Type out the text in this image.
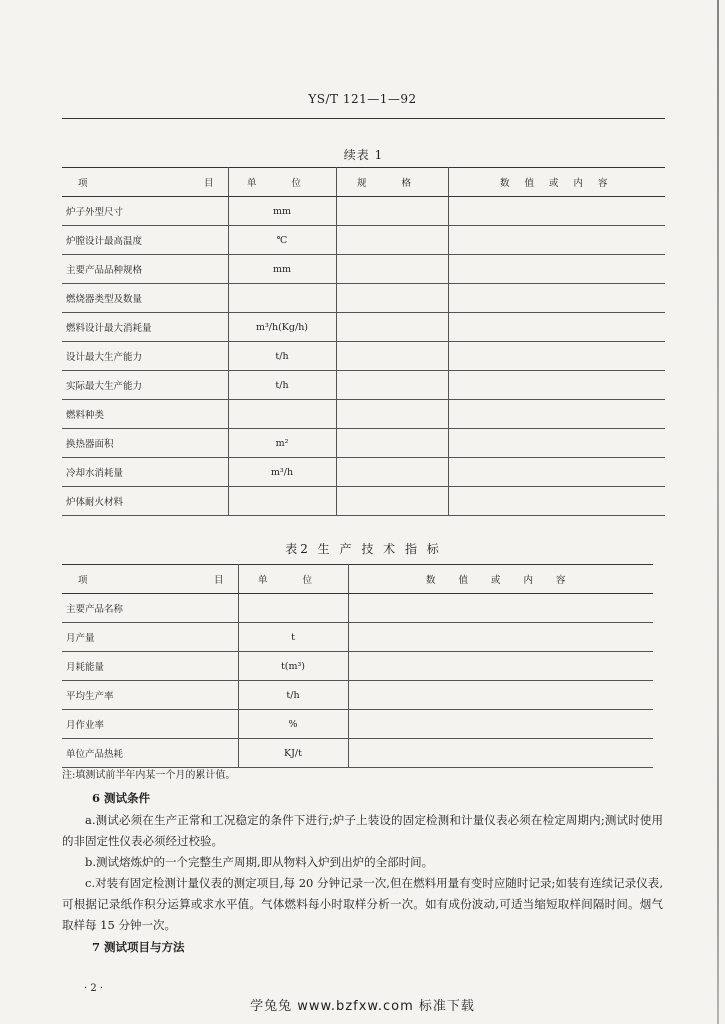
YS/T 121—1—92
续表 1
项 目	单 位	规 格	数 值 或 内 容
炉子外型尺寸	mm		
炉膛设计最高温度	℃		
主要产品品种规格	mm		
燃烧器类型及数量			
燃料设计最大消耗量	m³/h(Kg/h)		
设计最大生产能力	t/h		
实际最大生产能力	t/h		
燃料种类			
换热器面积	m²		
冷却水消耗量	m³/h		
炉体耐火材料			
表2 生 产 技 术 指 标
项 目	单 位	数 值 或 内 容
主要产品名称		
月产量	t	
月耗能量	t(m³)	
平均生产率	t/h	
月作业率	%	
单位产品热耗	KJ/t	
注:填测试前半年内某一个月的累计值。
6 测试条件
a.测试必须在生产正常和工况稳定的条件下进行;炉子上装设的固定检测和计量仪表必须在检定周期内;测试时使用的非固定性仪表必须经过校验。
b.测试熔炼炉的一个完整生产周期,即从物料入炉到出炉的全部时间。
c.对装有固定检测计量仪表的测定项目,每 20 分钟记录一次,但在燃料用量有变时应随时记录;如装有连续记录仪表,可根据记录纸作积分运算或求水平值。气体燃料每小时取样分析一次。如有成份波动,可适当缩短取样间隔时间。烟气取样每 15 分钟一次。
7 测试项目与方法
· 2 ·
学兔兔 www.bzfxw.com 标准下载
